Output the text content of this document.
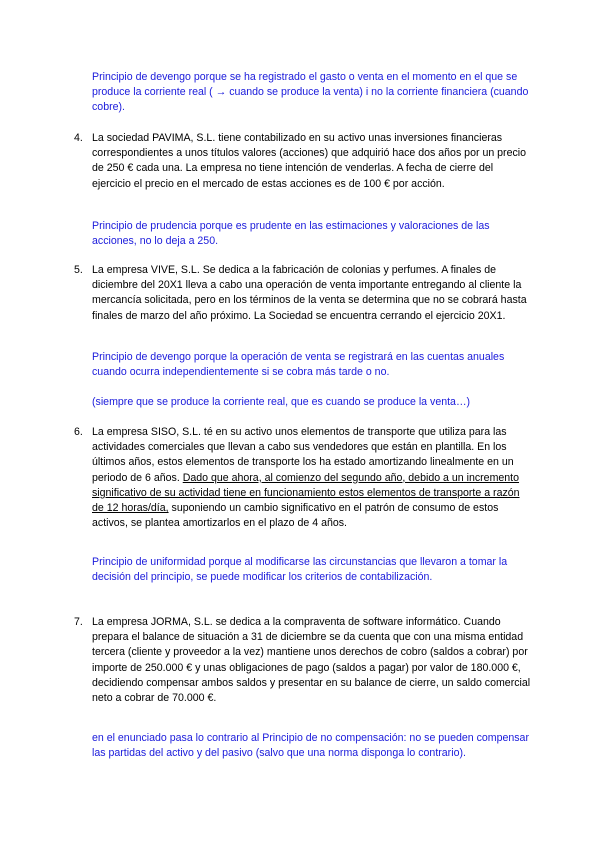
Principio de devengo porque se ha registrado el gasto o venta en el momento en el que se produce la corriente real ( → cuando se produce la venta) i no la corriente financiera (cuando cobre).

4. La sociedad PAVIMA, S.L. tiene contabilizado en su activo unas inversiones financieras correspondientes a unos títulos valores (acciones) que adquirió hace dos años por un precio de 250 € cada una. La empresa no tiene intención de venderlas. A fecha de cierre del ejercicio el precio en el mercado de estas acciones es de 100 € por acción.

Principio de prudencia porque es prudente en las estimaciones y valoraciones de las acciones, no lo deja a 250.

5. La empresa VIVE, S.L. Se dedica a la fabricación de colonias y perfumes. A finales de diciembre del 20X1 lleva a cabo una operación de venta importante entregando al cliente la mercancía solicitada, pero en los términos de la venta se determina que no se cobrará hasta finales de marzo del año próximo. La Sociedad se encuentra cerrando el ejercicio 20X1.

Principio de devengo porque la operación de venta se registrará en las cuentas anuales cuando ocurra independientemente si se cobra más tarde o no.

(siempre que se produce la corriente real, que es cuando se produce la venta…)

6. La empresa SISO, S.L. té en su activo unos elementos de transporte que utiliza para las actividades comerciales que llevan a cabo sus vendedores que están en plantilla. En los últimos años, estos elementos de transporte los ha estado amortizando linealmente en un periodo de 6 años. Dado que ahora, al comienzo del segundo año, debido a un incremento significativo de su actividad tiene en funcionamiento estos elementos de transporte a razón de 12 horas/día, suponiendo un cambio significativo en el patrón de consumo de estos activos, se plantea amortizarlos en el plazo de 4 años.

Principio de uniformidad porque al modificarse las circunstancias que llevaron a tomar la decisión del principio, se puede modificar los criterios de contabilización.

7. La empresa JORMA, S.L. se dedica a la compraventa de software informático. Cuando prepara el balance de situación a 31 de diciembre se da cuenta que con una misma entidad tercera (cliente y proveedor a la vez) mantiene unos derechos de cobro (saldos a cobrar) por importe de 250.000 € y unas obligaciones de pago (saldos a pagar) por valor de 180.000 €, decidiendo compensar ambos saldos y presentar en su balance de cierre, un saldo comercial neto a cobrar de 70.000 €.

en el enunciado pasa lo contrario al Principio de no compensación: no se pueden compensar las partidas del activo y del pasivo (salvo que una norma disponga lo contrario).
